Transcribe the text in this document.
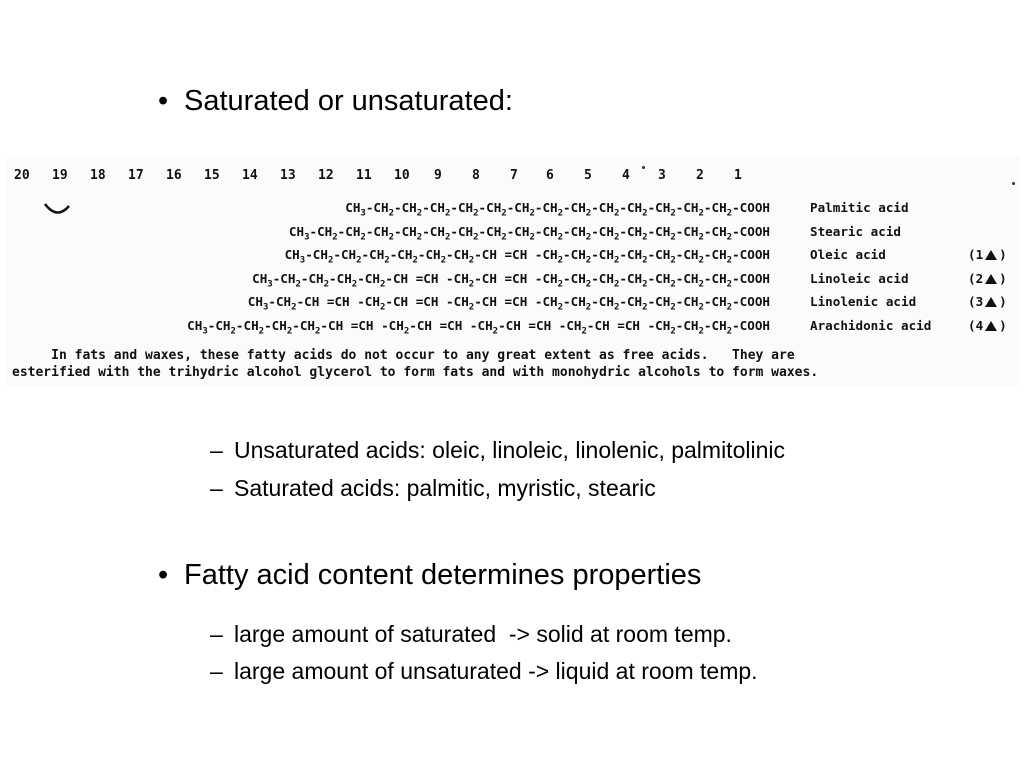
• Saturated or unsaturated:
20 19 18 17 16 15 14 13 12 11 10 9 8 7 6 5 4 3 2 1
$CH_3-CH_2-CH_2-CH_2-CH_2-CH_2-CH_2-CH_2-CH_2-CH_2-CH_2-CH_2-CH_2-CH_2$-COOH	Palmitic acid
$CH_3-CH_2-CH_2-CH_2-CH_2-CH_2-CH_2-CH_2-CH_2-CH_2-CH_2-CH_2-CH_2-CH_2-CH_2-CH_2$-COOH	Stearic acid
$CH_3-CH_2-CH_2-CH_2-CH_2-CH_2-CH_2-CH =CH$ $-CH_2-CH_2-CH_2-CH_2-CH_2-CH_2-CH_2$-COOH	Oleic acid	(1 )
$CH_3-CH_2-CH_2-CH_2-CH_2-CH =CH$ $-CH_2-CH =CH$ $-CH_2-CH_2-CH_2-CH_2-CH_2-CH_2-CH_2$-COOH	Linoleic acid	(2 )
$CH_3-CH_2-CH =CH$ $-CH_2-CH =CH$ $-CH_2-CH =CH$ $-CH_2-CH_2-CH_2-CH_2-CH_2-CH_2-CH_2$-COOH	Linolenic acid	(3 )
$CH_3-CH_2-CH_2-CH_2-CH_2-CH =CH$ $-CH_2-CH =CH$ $-CH_2-CH =CH$ $-CH_2-CH =CH$ $-CH_2-CH_2-CH_2$-COOH	Arachidonic acid	(4 )
In fats and waxes, these fatty acids do not occur to any great extent as free acids.   They are
esterified with the trihydric alcohol glycerol to form fats and with monohydric alcohols to form waxes.
– Unsaturated acids: oleic, linoleic, linolenic, palmitolinic
– Saturated acids: palmitic, myristic, stearic
• Fatty acid content determines properties
– large amount of saturated  -> solid at room temp.
– large amount of unsaturated -> liquid at room temp.
